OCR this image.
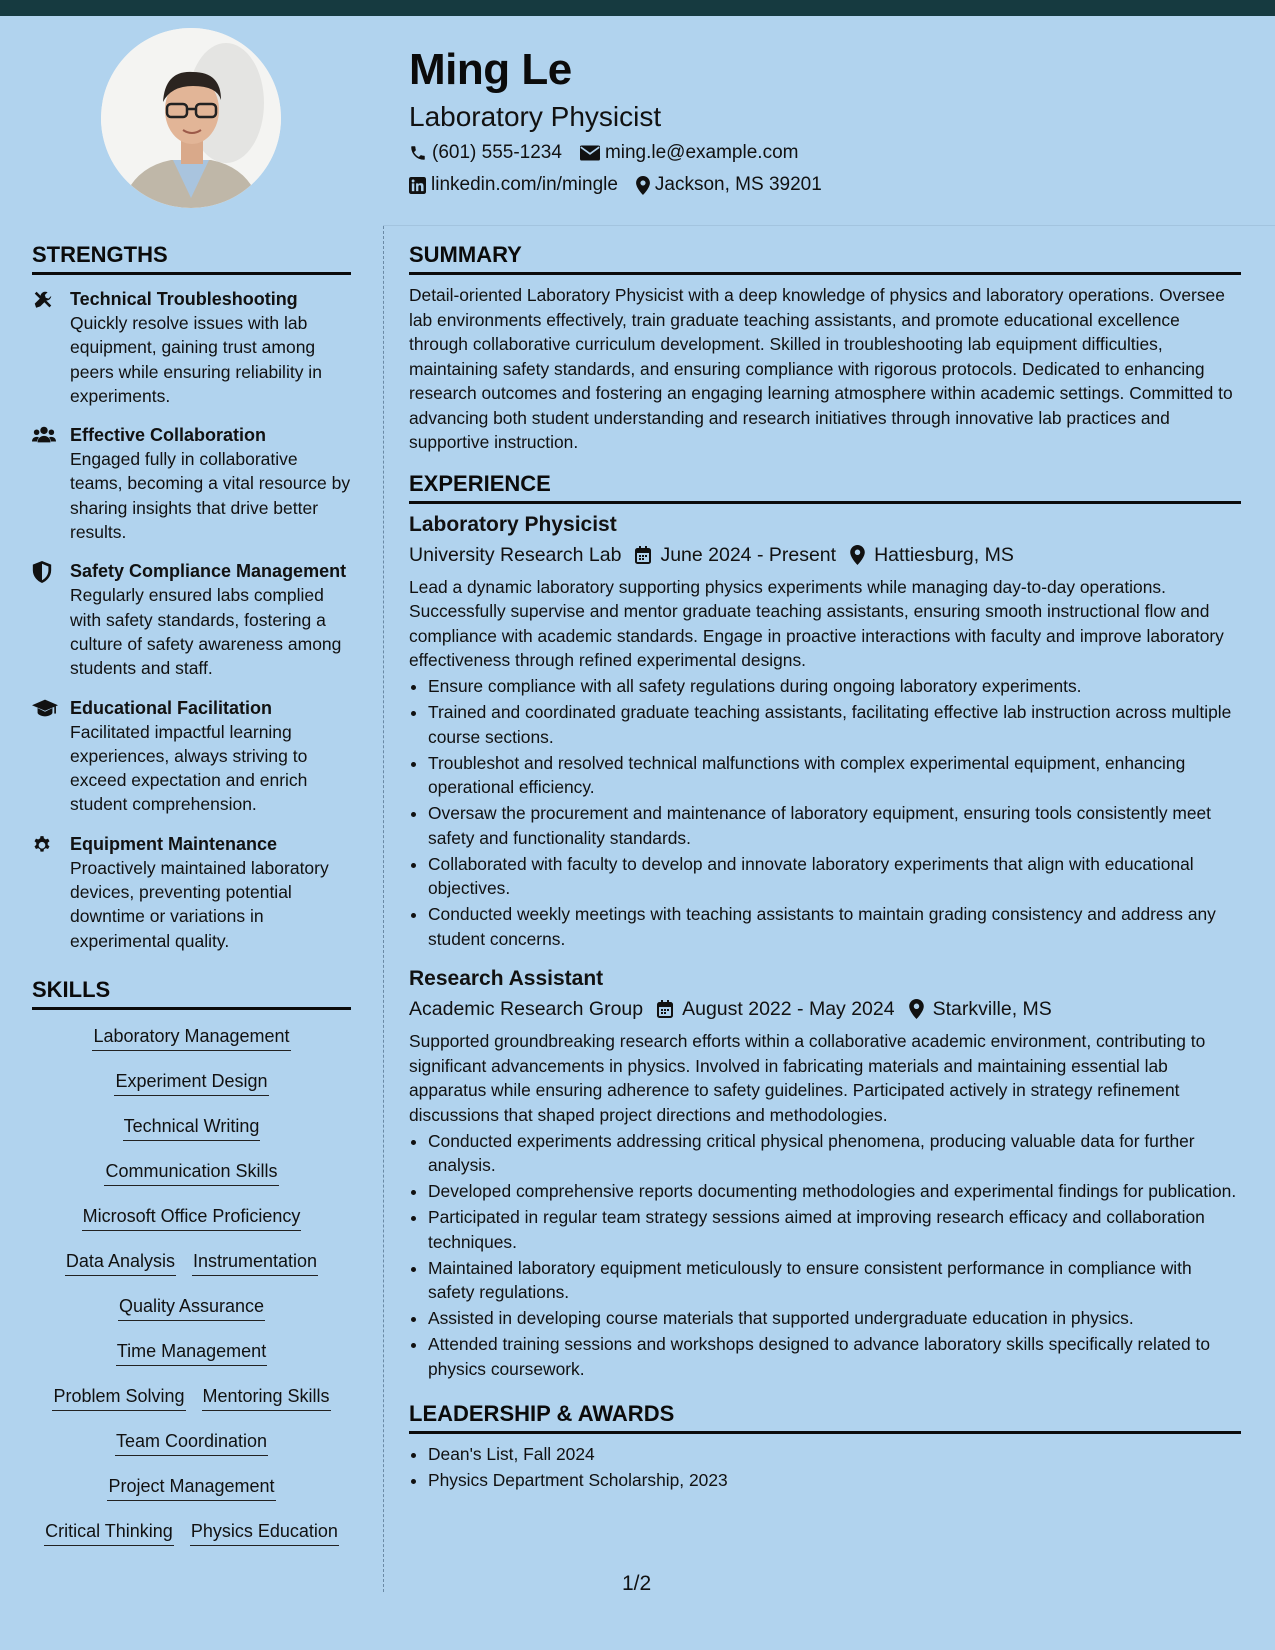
Ming Le
Laboratory Physicist
(601) 555-1234 ming.le@example.com
linkedin.com/in/mingle Jackson, MS 39201
STRENGTHS
Technical Troubleshooting
Quickly resolve issues with lab equipment, gaining trust among peers while ensuring reliability in experiments.
Effective Collaboration
Engaged fully in collaborative teams, becoming a vital resource by sharing insights that drive better results.
Safety Compliance Management
Regularly ensured labs complied with safety standards, fostering a culture of safety awareness among students and staff.
Educational Facilitation
Facilitated impactful learning experiences, always striving to exceed expectation and enrich student comprehension.
Equipment Maintenance
Proactively maintained laboratory devices, preventing potential downtime or variations in experimental quality.
SKILLS
Laboratory Management
Experiment Design
Technical Writing
Communication Skills
Microsoft Office Proficiency
Data Analysis Instrumentation
Quality Assurance
Time Management
Problem Solving Mentoring Skills
Team Coordination
Project Management
Critical Thinking Physics Education
SUMMARY
Detail-oriented Laboratory Physicist with a deep knowledge of physics and laboratory operations. Oversee lab environments effectively, train graduate teaching assistants, and promote educational excellence through collaborative curriculum development. Skilled in troubleshooting lab equipment difficulties, maintaining safety standards, and ensuring compliance with rigorous protocols. Dedicated to enhancing research outcomes and fostering an engaging learning atmosphere within academic settings. Committed to advancing both student understanding and research initiatives through innovative lab practices and supportive instruction.
EXPERIENCE
Laboratory Physicist
University Research Lab June 2024 - Present Hattiesburg, MS
Lead a dynamic laboratory supporting physics experiments while managing day-to-day operations. Successfully supervise and mentor graduate teaching assistants, ensuring smooth instructional flow and compliance with academic standards. Engage in proactive interactions with faculty and improve laboratory effectiveness through refined experimental designs.
• Ensure compliance with all safety regulations during ongoing laboratory experiments.
• Trained and coordinated graduate teaching assistants, facilitating effective lab instruction across multiple course sections.
• Troubleshot and resolved technical malfunctions with complex experimental equipment, enhancing operational efficiency.
• Oversaw the procurement and maintenance of laboratory equipment, ensuring tools consistently meet safety and functionality standards.
• Collaborated with faculty to develop and innovate laboratory experiments that align with educational objectives.
• Conducted weekly meetings with teaching assistants to maintain grading consistency and address any student concerns.
Research Assistant
Academic Research Group August 2022 - May 2024 Starkville, MS
Supported groundbreaking research efforts within a collaborative academic environment, contributing to significant advancements in physics. Involved in fabricating materials and maintaining essential lab apparatus while ensuring adherence to safety guidelines. Participated actively in strategy refinement discussions that shaped project directions and methodologies.
• Conducted experiments addressing critical physical phenomena, producing valuable data for further analysis.
• Developed comprehensive reports documenting methodologies and experimental findings for publication.
• Participated in regular team strategy sessions aimed at improving research efficacy and collaboration techniques.
• Maintained laboratory equipment meticulously to ensure consistent performance in compliance with safety regulations.
• Assisted in developing course materials that supported undergraduate education in physics.
• Attended training sessions and workshops designed to advance laboratory skills specifically related to physics coursework.
LEADERSHIP & AWARDS
• Dean's List, Fall 2024
• Physics Department Scholarship, 2023
1/2
